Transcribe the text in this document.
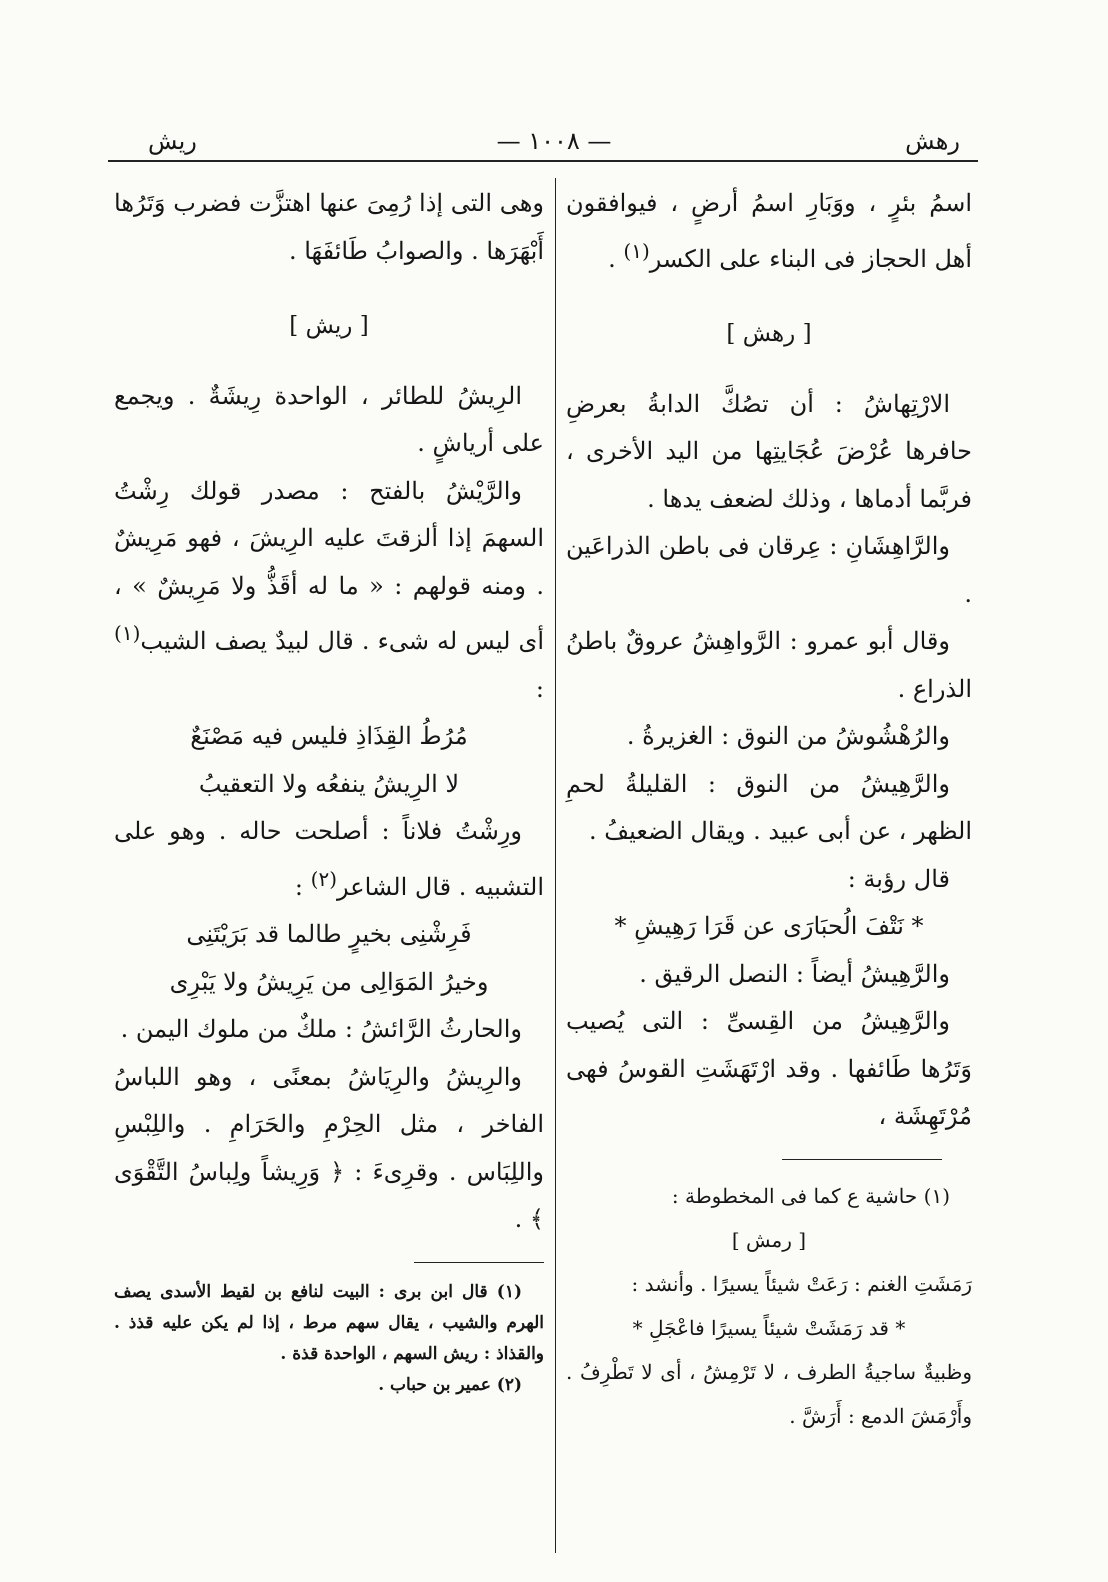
رهش
— ١٠٠٨ —
ريش

اسمُ بئرٍ ، ووَبَارِ اسمُ أرضٍ ، فيوافقون أهل الحجاز فى البناء على الكسر$^{(١)}$ .

[ رهش ]

الارْتِهاشُ : أن تصُكَّ الدابةُ بعرضِ حافرها عُرْضَ عُجَايتِها من اليد الأخرى ، فربَّما أدماها ، وذلك لضعف يدها .

والرَّاهِشَانِ : عِرقان فى باطن الذراعَين .

وقال أبو عمرو : الرَّواهِشُ عروقٌ باطنُ الذراع .

والرُهْشُوشُ من النوق : الغزيرةُ .

والرَّهِيشُ من النوق : القليلةُ لحمِ الظهر ، عن أبى عبيد . ويقال الضعيفُ .

قال رؤبة :

* نَتْفَ الُحبَارَى عن قَرَا رَهِيشِ *

والرَّهِيشُ أيضاً : النصل الرقيق .

والرَّهِيشُ من القِسىِّ : التى يُصيب وَتَرُها طَائفها . وقد ارْتَهَشَتِ القوسُ فهى مُرْتَهِشَة ،

(١) حاشية ع كما فى المخطوطة :

[ رمش ]

رَمَشَتِ الغنم : رَعَتْ شيئاً يسيرًا . وأنشد :

* قد رَمَشَتْ شيئاً يسيرًا فاعْجَلِ *

وظبيةٌ ساجيةُ الطرف ، لا تَرْمِشُ ، أى لا تَطْرِفُ . وأَرْمَشَ الدمع : أَرَشَّ .

وهى التى إذا رُمِىَ عنها اهتزَّت فضرب وَتَرُها أَبْهَرَها . والصوابُ طَائفَهَا .

[ ريش ]

الرِيشُ للطائر ، الواحدة رِيشَةٌ . ويجمع على أرياشٍ .

والرَّيْشُ بالفتح : مصدر قولك رِشْتُ السهمَ إذا ألزقتَ عليه الرِيشَ ، فهو مَرِيشٌ . ومنه قولهم : « ما له أقَذُّ ولا مَرِيشٌ » ، أى ليس له شىء . قال لبيدٌ يصف الشيب$^{(١)}$ :

مُرُطُ القِذَاذِ فليس فيه مَصْنَعٌ

لا الرِيشُ ينفعُه ولا التعقيبُ

ورِشْتُ فلاناً : أصلحت حاله . وهو على التشبيه . قال الشاعر$^{(٢)}$ :

فَرِشْنِى بخيرٍ طالما قد بَرَيْتَنِى

وخيرُ المَوَالِى من يَرِيشُ ولا يَبْرِى

والحارثُ الرَّائشُ : ملكٌ من ملوك اليمن .

والرِيشُ والرِيَاشُ بمعنًى ، وهو اللباسُ الفاخر ، مثل الحِرْمِ والحَرَامِ . واللِبْسِ واللِبَاس . وقرِىءَ : ﴿ وَرِيشاً ولِباسُ التَّقْوَى ﴾ .

(١) قال ابن برى : البيت لنافع بن لقيط الأسدى يصف الهرم والشيب ، يقال سهم مرط ، إذا لم يكن عليه قذذ . والقذاذ : ريش السهم ، الواحدة قذة .

(٢) عمير بن حباب .
